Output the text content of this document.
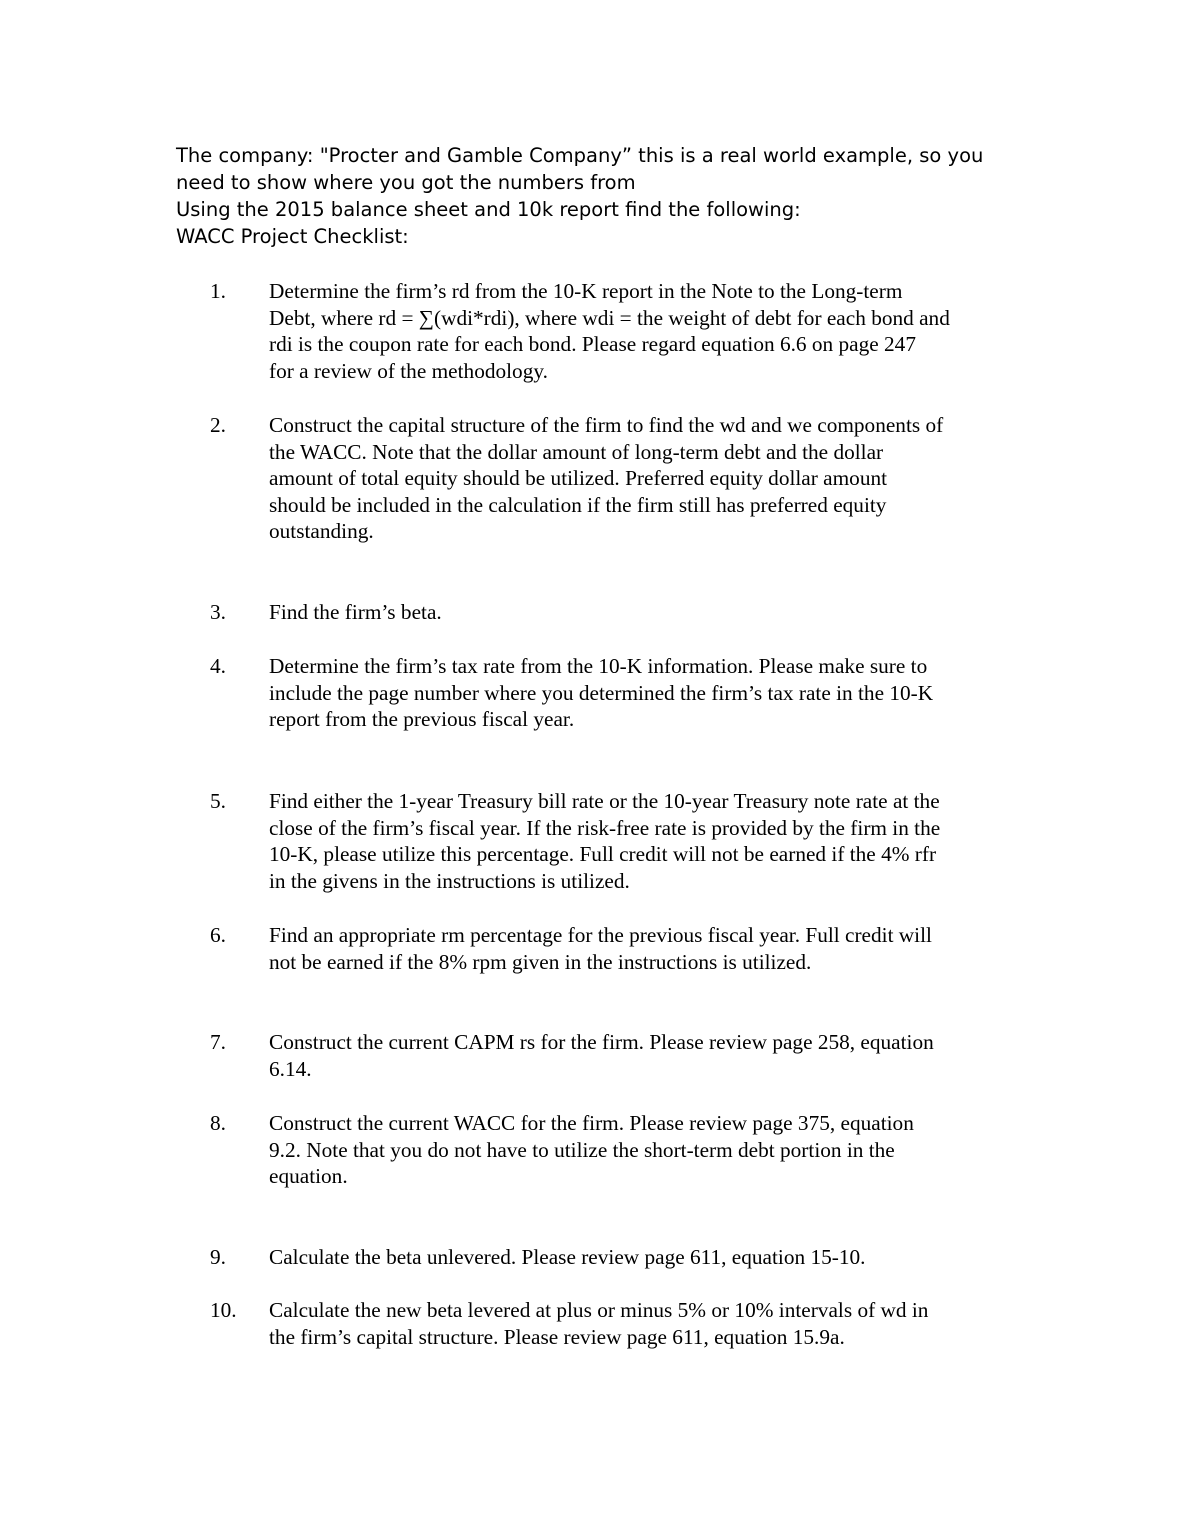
The company: "Procter and Gamble Company” this is a real world example, so you
need to show where you got the numbers from
Using the 2015 balance sheet and 10k report find the following:
WACC Project Checklist:
1. Determine the firm’s rd from the 10-K report in the Note to the Long-term
Debt, where rd = ∑(wdi*rdi), where wdi = the weight of debt for each bond and
rdi is the coupon rate for each bond. Please regard equation 6.6 on page 247
for a review of the methodology.
2. Construct the capital structure of the firm to find the wd and we components of
the WACC. Note that the dollar amount of long-term debt and the dollar
amount of total equity should be utilized. Preferred equity dollar amount
should be included in the calculation if the firm still has preferred equity
outstanding.
3. Find the firm’s beta.
4. Determine the firm’s tax rate from the 10-K information. Please make sure to
include the page number where you determined the firm’s tax rate in the 10-K
report from the previous fiscal year.
5. Find either the 1-year Treasury bill rate or the 10-year Treasury note rate at the
close of the firm’s fiscal year. If the risk-free rate is provided by the firm in the
10-K, please utilize this percentage. Full credit will not be earned if the 4% rfr
in the givens in the instructions is utilized.
6. Find an appropriate rm percentage for the previous fiscal year. Full credit will
not be earned if the 8% rpm given in the instructions is utilized.
7. Construct the current CAPM rs for the firm. Please review page 258, equation
6.14.
8. Construct the current WACC for the firm. Please review page 375, equation
9.2. Note that you do not have to utilize the short-term debt portion in the
equation.
9. Calculate the beta unlevered. Please review page 611, equation 15-10.
10. Calculate the new beta levered at plus or minus 5% or 10% intervals of wd in
the firm’s capital structure. Please review page 611, equation 15.9a.
